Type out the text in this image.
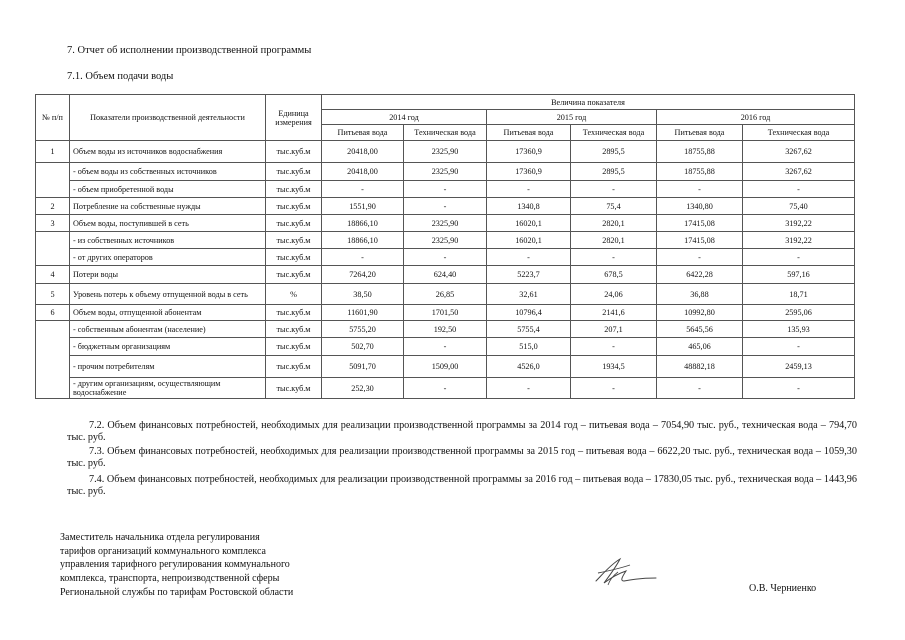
7. Отчет об исполнении производственной программы
7.1. Объем подачи воды
№ п/п	Показатели производственной деятельности	Единица измерения	Величина показателя					
			2014 год		2015 год		2016 год	
			Питьевая вода	Техническая вода	Питьевая вода	Техническая вода	Питьевая вода	Техническая вода
1	Объем воды из источников водоснабжения	тыс.куб.м	20418,00	2325,90	17360,9	2895,5	18755,88	3267,62
	- объем воды из собственных источников	тыс.куб.м	20418,00	2325,90	17360,9	2895,5	18755,88	3267,62
	- объем приобретенной воды	тыс.куб.м	-	-	-	-	-	-
2	Потребление на собственные нужды	тыс.куб.м	1551,90	-	1340,8	75,4	1340,80	75,40
3	Объем воды, поступившей в сеть	тыс.куб.м	18866,10	2325,90	16020,1	2820,1	17415,08	3192,22
	- из собственных источников	тыс.куб.м	18866,10	2325,90	16020,1	2820,1	17415,08	3192,22
	- от других операторов	тыс.куб.м	-	-	-	-	-	-
4	Потери воды	тыс.куб.м	7264,20	624,40	5223,7	678,5	6422,28	597,16
5	Уровень потерь к объему отпущенной воды в сеть	%	38,50	26,85	32,61	24,06	36,88	18,71
6	Объем воды, отпущенной абонентам	тыс.куб.м	11601,90	1701,50	10796,4	2141,6	10992,80	2595,06
	- собственным абонентам (население)	тыс.куб.м	5755,20	192,50	5755,4	207,1	5645,56	135,93
	- бюджетным организациям	тыс.куб.м	502,70	-	515,0	-	465,06	-
	- прочим потребителям	тыс.куб.м	5091,70	1509,00	4526,0	1934,5	48882,18	2459,13
	- другим организациям, осуществляющим водоснабжение	тыс.куб.м	252,30	-	-	-	-	-

7.2. Объем финансовых потребностей, необходимых для реализации производственной программы за 2014 год – питьевая вода – 7054,90 тыс. руб., техническая вода – 794,70 тыс. руб.

7.3. Объем финансовых потребностей, необходимых для реализации производственной программы за 2015 год – питьевая вода – 6622,20 тыс. руб., техническая вода – 1059,30 тыс. руб.

7.4. Объем финансовых потребностей, необходимых для реализации производственной программы за 2016 год – питьевая вода – 17830,05 тыс. руб., техническая вода – 1443,96 тыс. руб.

Заместитель начальника отдела регулирования
тарифов организаций коммунального комплекса
управления тарифного регулирования коммунального
комплекса, транспорта, непроизводственной сферы
Региональной службы по тарифам Ростовской области	О.В. Черниенко
